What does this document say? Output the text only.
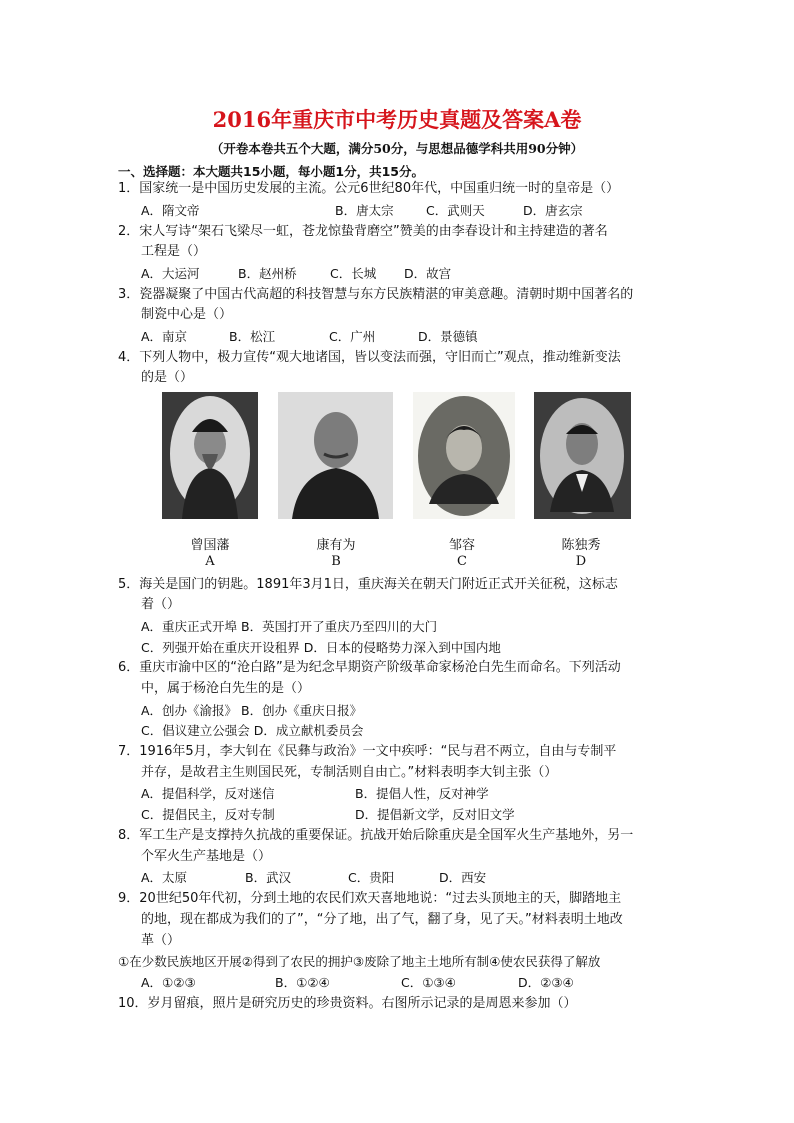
2016年重庆市中考历史真题及答案A卷
（开卷本卷共五个大题，满分50分，与思想品德学科共用90分钟）
一、选择题：本大题共15小题，每小题1分，共15分。
1．国家统一是中国历史发展的主流。公元6世纪80年代，中国重归统一时的皇帝是（）
A．隋文帝	B．唐太宗	C．武则天	D．唐玄宗
2．宋人写诗“架石飞梁尽一虹，苍龙惊蛰背磨空”赞美的由李春设计和主持建造的著名
工程是（）
A．大运河	B．赵州桥	C．长城 D．故宫
3．瓷器凝聚了中国古代高超的科技智慧与东方民族精湛的审美意趣。清朝时期中国著名的
制瓷中心是（）
A．南京	B．松江	C．广州	D．景德镇
4．下列人物中，极力宣传“观大地诸国，皆以变法而强，守旧而亡”观点，推动维新变法
的是（）
曾国藩	康有为	邹容	陈独秀
A	B	C	D
5．海关是国门的钥匙。1891年3月1日，重庆海关在朝天门附近正式开关征税，这标志
着（）
A．重庆正式开埠 B．英国打开了重庆乃至四川的大门
C．列强开始在重庆开设租界 D．日本的侵略势力深入到中国内地
6．重庆市渝中区的“沧白路”是为纪念早期资产阶级革命家杨沧白先生而命名。下列活动
中，属于杨沧白先生的是（）
A．创办《渝报》 B．创办《重庆日报》
C．倡议建立公强会 D．成立献机委员会
7．1916年5月，李大钊在《民彝与政治》一文中疾呼：“民与君不两立，自由与专制平
并存，是故君主生则国民死，专制活则自由亡。”材料表明李大钊主张（）
A．提倡科学，反对迷信	B．提倡人性，反对神学
C．提倡民主，反对专制	D．提倡新文学，反对旧文学
8．军工生产是支撑持久抗战的重要保证。抗战开始后除重庆是全国军火生产基地外，另一
个军火生产基地是（）
A．太原	B．武汉	C．贵阳	D．西安
9．20世纪50年代初，分到土地的农民们欢天喜地地说：“过去头顶地主的天，脚踏地主
的地，现在都成为我们的了”，“分了地，出了气，翻了身，见了天。”材料表明土地改
革（）
①在少数民族地区开展②得到了农民的拥护③废除了地主土地所有制④使农民获得了解放
A．①②③	B．①②④	C．①③④	D．②③④
10．岁月留痕，照片是研究历史的珍贵资料。右图所示记录的是周恩来参加（）
